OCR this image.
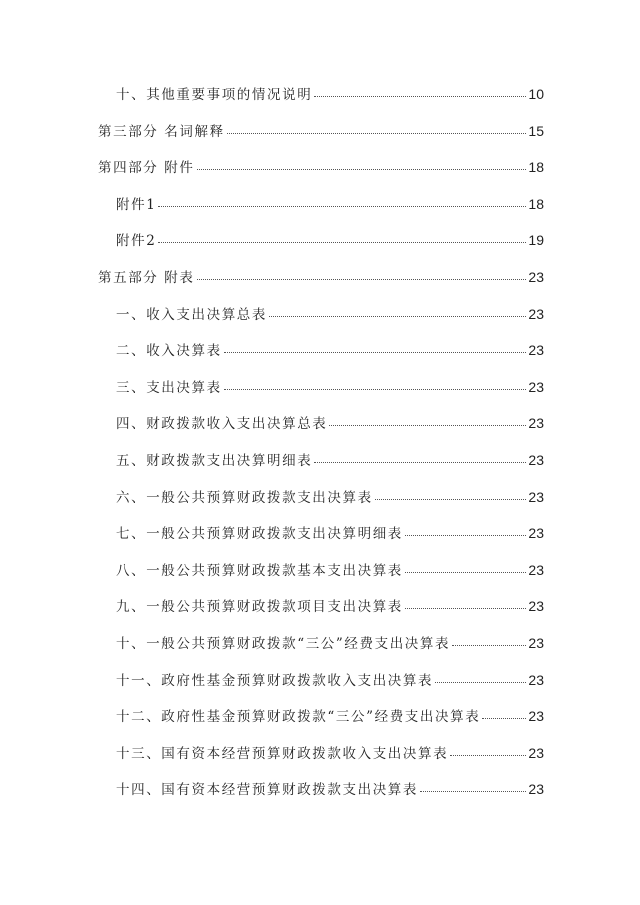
十、其他重要事项的情况说明	10
第三部分 名词解释	15
第四部分 附件	18
附件1	18
附件2	19
第五部分 附表	23
一、收入支出决算总表	23
二、收入决算表	23
三、支出决算表	23
四、财政拨款收入支出决算总表	23
五、财政拨款支出决算明细表	23
六、一般公共预算财政拨款支出决算表	23
七、一般公共预算财政拨款支出决算明细表	23
八、一般公共预算财政拨款基本支出决算表	23
九、一般公共预算财政拨款项目支出决算表	23
十、一般公共预算财政拨款“三公”经费支出决算表	23
十一、政府性基金预算财政拨款收入支出决算表	23
十二、政府性基金预算财政拨款“三公”经费支出决算表	23
十三、国有资本经营预算财政拨款收入支出决算表	23
十四、国有资本经营预算财政拨款支出决算表	23
